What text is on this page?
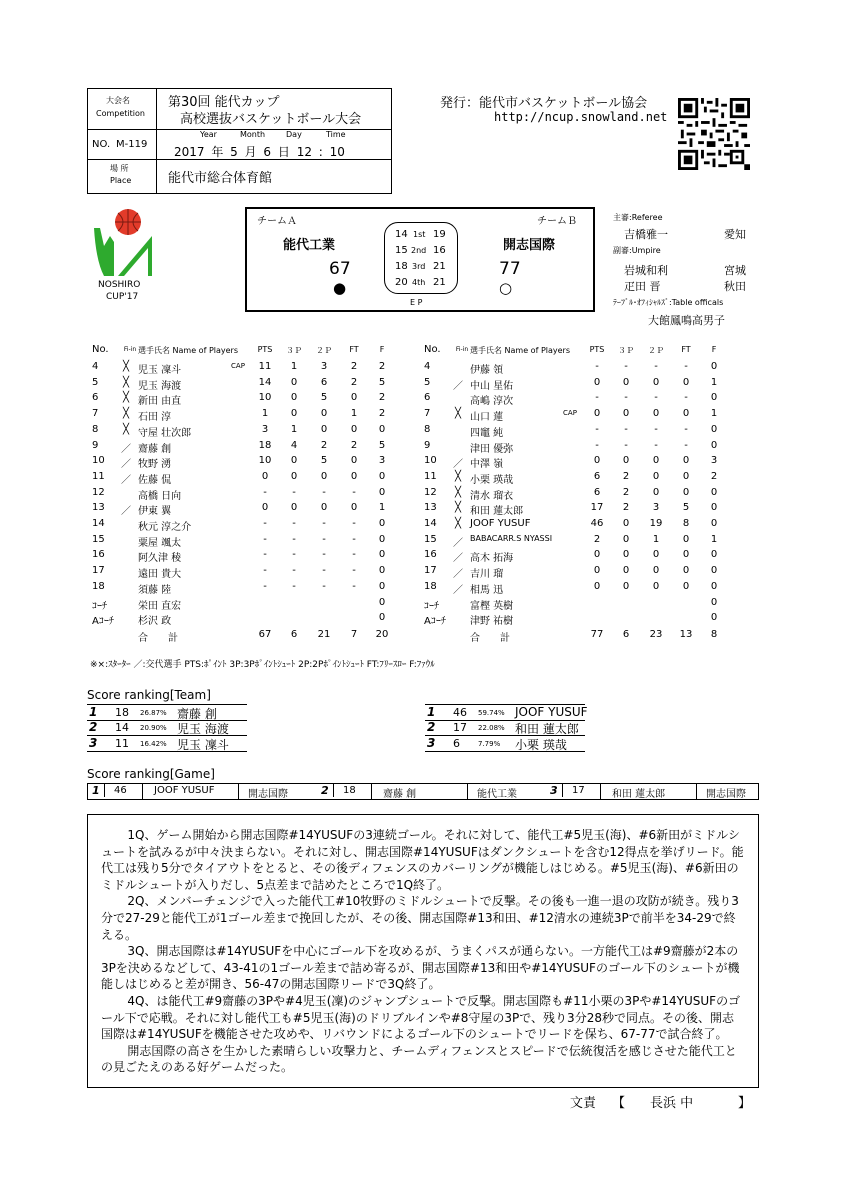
大会名
Competition
第30回 能代カップ
高校選抜バスケットボール大会
NO. M-119
Year	Month	Day	Time
2017 年 5 月 6 日 12 : 10
場 所
Place	能代市総合体育館
発行：能代市バスケットボール協会
http://ncup.snowland.net
NOSHIRO
CUP'17
チームＡ	チームＢ
能代工業	開志国際
67	77
●	○
14 1st 19
15 2nd 16
18 3rd 21
20 4th 21
E P
主審:Referee
吉橋雅一	愛知
副審:Umpire
岩城和利	宮城
疋田 晋	秋田
ﾃｰﾌﾞﾙ･ｵﾌｨｼｬﾙｽﾞ:Table officals
大館鳳鳴高男子
No.	Fi-in 選手氏名 Name of Players	PTS	３Ｐ ２Ｐ	FT	F
4	╳ 児玉 凜斗	CAP	11	1	3	2	2
5	╳ 児玉 海渡	14	0	6	2	5
6	╳ 新田 由直	10	0	5	0	2
7	╳ 石田 淳	1	0	0	1	2
8	╳ 守屋 壮次郎	3	1	0	0	0
9	／ 齋藤 創	18	4	2	2	5
10	／ 牧野 湧	10	0	5	0	3
11	／ 佐藤 侃	0	0	0	0	0
12	高橋 日向	-	-	-	-	0
13	／ 伊東 翼	0	0	0	0	1
14	秋元 淳之介	-	-	-	-	0
15	粟屋 颯太	-	-	-	-	0
16	阿久津 稜	-	-	-	-	0
17	遠田 貴大	-	-	-	-	0
18	須藤 陸	-	-	-	-	0
ｺｰﾁ	栄田 直宏	0
Aｺｰﾁ 杉沢 政	0
合　　計	67	6	21	7	20
No.	Fi-in 選手氏名 Name of Players	PTS	３Ｐ ２Ｐ	FT	F
4	伊藤 領	-	-	-	-	0
5	／ 中山 星佑	0	0	0	0	1
6	高嶋 淳次	-	-	-	-	0
7	╳ 山口 蓮	CAP	0	0	0	0	1
8	四竈 純	-	-	-	-	0
9	津田 優弥	-	-	-	-	0
10	／ 中澤 嶺	0	0	0	0	3
11	╳ 小栗 瑛哉	6	2	0	0	2
12	╳ 清水 瑠衣	6	2	0	0	0
13	╳ 和田 蓮太郎	17	2	3	5	0
14	╳ JOOF YUSUF	46	0	19	8	0
15	／ BABACARR.S NYASSI	2	0	1	0	1
16	／ 高木 拓海	0	0	0	0	0
17	／ 吉川 瑠	0	0	0	0	0
18	／ 相馬 迅	0	0	0	0	0
ｺｰﾁ	富樫 英樹	0
Aｺｰﾁ 津野 祐樹	0
合　　計	77	6	23	13	8
※×:ｽﾀｰﾀｰ ／:交代選手 PTS:ﾎﾟｲﾝﾄ 3P:3Pﾎﾟｲﾝﾄｼｭｰﾄ 2P:2Pﾎﾟｲﾝﾄｼｭｰﾄ FT:ﾌﾘｰｽﾛｰ F:ﾌｧｳﾙ
Score ranking[Team]
1 18 26.87% 齋藤 創
2 14 20.90% 児玉 海渡
3 11 16.42% 児玉 凜斗
1 46 59.74% JOOF YUSUF
2 17 22.08% 和田 蓮太郎
3 6	7.79% 小栗 瑛哉
Score ranking[Game]
1	46	JOOF YUSUF	開志国際	2	18	齋藤 創	能代工業	3	17	和田 蓮太郎	開志国際

1Q、ゲーム開始から開志国際#14YUSUFの3連続ゴール。それに対して、能代工#5児玉(海)、#6新田がミドルシュートを試みるが中々決まらない。それに対し、開志国際#14YUSUFはダンクシュートを含む12得点を挙げリード。能代工は残り5分でタイアウトをとると、その後ディフェンスのカバーリングが機能しはじめる。#5児玉(海)、#6新田のミドルシュートが入りだし、5点差まで詰めたところで1Q終了。

2Q、メンバーチェンジで入った能代工#10牧野のミドルシュートで反撃。その後も一進一退の攻防が続き。残り3分で27-29と能代工が1ゴール差まで挽回したが、その後、開志国際#13和田、#12清水の連続3Pで前半を34-29で終える。

3Q、開志国際は#14YUSUFを中心にゴール下を攻めるが、うまくパスが通らない。一方能代工は#9齋藤が2本の3Pを決めるなどして、43-41の1ゴール差まで詰め寄るが、開志国際#13和田や#14YUSUFのゴール下のシュートが機能しはじめると差が開き、56-47の開志国際リードで3Q終了。

4Q、は能代工#9齋藤の3Pや#4児玉(凜)のジャンプシュートで反撃。開志国際も#11小栗の3Pや#14YUSUFのゴール下で応戦。それに対し能代工も#5児玉(海)のドリブルインや#8守屋の3Pで、残り3分28秒で同点。その後、開志国際は#14YUSUFを機能させた攻めや、リバウンドによるゴール下のシュートでリードを保ち、67-77で試合終了。

開志国際の高さを生かした素晴らしい攻撃力と、チームディフェンスとスピードで伝統復活を感じさせた能代工との見ごたえのある好ゲームだった。

文責 【 長浜 中	】
